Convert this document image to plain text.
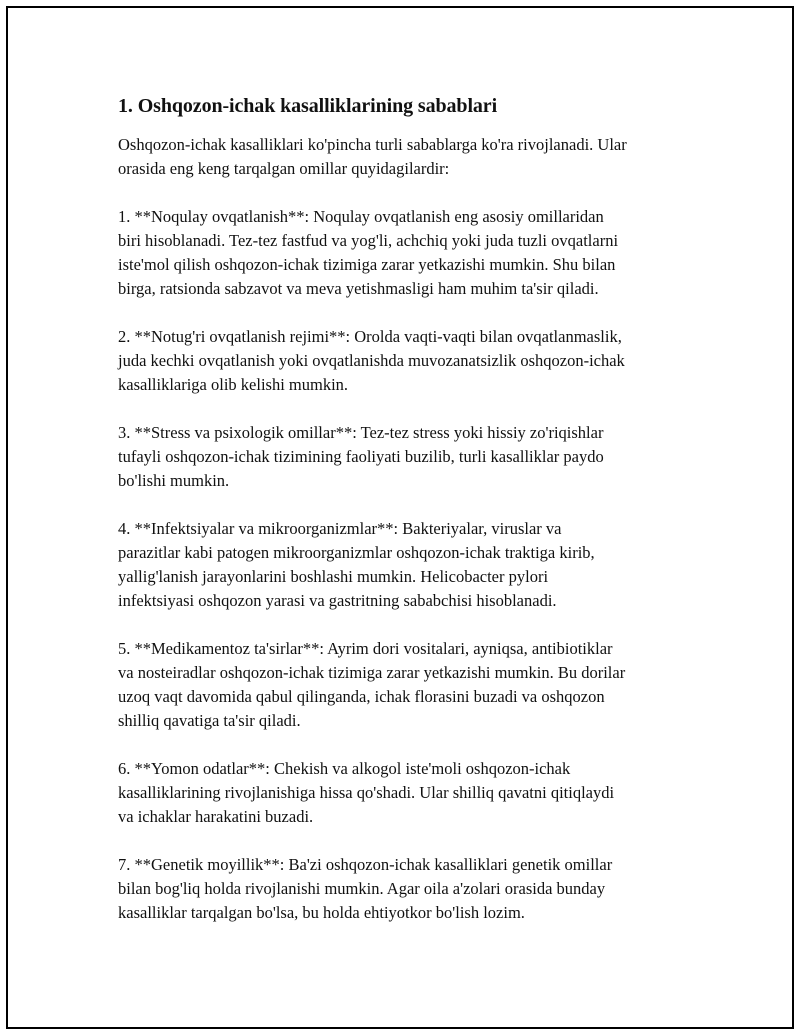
1. Oshqozon-ichak kasalliklarining sabablari

Oshqozon-ichak kasalliklari ko'pincha turli sabablarga ko'ra rivojlanadi. Ular
orasida eng keng tarqalgan omillar quyidagilardir:

1. **Noqulay ovqatlanish**: Noqulay ovqatlanish eng asosiy omillaridan
biri hisoblanadi. Tez-tez fastfud va yog'li, achchiq yoki juda tuzli ovqatlarni
iste'mol qilish oshqozon-ichak tizimiga zarar yetkazishi mumkin. Shu bilan
birga, ratsionda sabzavot va meva yetishmasligi ham muhim ta'sir qiladi.

2. **Notug'ri ovqatlanish rejimi**: Orolda vaqti-vaqti bilan ovqatlanmaslik,
juda kechki ovqatlanish yoki ovqatlanishda muvozanatsizlik oshqozon-ichak
kasalliklariga olib kelishi mumkin.

3. **Stress va psixologik omillar**: Tez-tez stress yoki hissiy zo'riqishlar
tufayli oshqozon-ichak tizimining faoliyati buzilib, turli kasalliklar paydo
bo'lishi mumkin.

4. **Infektsiyalar va mikroorganizmlar**: Bakteriyalar, viruslar va
parazitlar kabi patogen mikroorganizmlar oshqozon-ichak traktiga kirib,
yallig'lanish jarayonlarini boshlashi mumkin. Helicobacter pylori
infektsiyasi oshqozon yarasi va gastritning sababchisi hisoblanadi.

5. **Medikamentoz ta'sirlar**: Ayrim dori vositalari, ayniqsa, antibiotiklar
va nosteiradlar oshqozon-ichak tizimiga zarar yetkazishi mumkin. Bu dorilar
uzoq vaqt davomida qabul qilinganda, ichak florasini buzadi va oshqozon
shilliq qavatiga ta'sir qiladi.

6. **Yomon odatlar**: Chekish va alkogol iste'moli oshqozon-ichak
kasalliklarining rivojlanishiga hissa qo'shadi. Ular shilliq qavatni qitiqlaydi
va ichaklar harakatini buzadi.

7. **Genetik moyillik**: Ba'zi oshqozon-ichak kasalliklari genetik omillar
bilan bog'liq holda rivojlanishi mumkin. Agar oila a'zolari orasida bunday
kasalliklar tarqalgan bo'lsa, bu holda ehtiyotkor bo'lish lozim.
